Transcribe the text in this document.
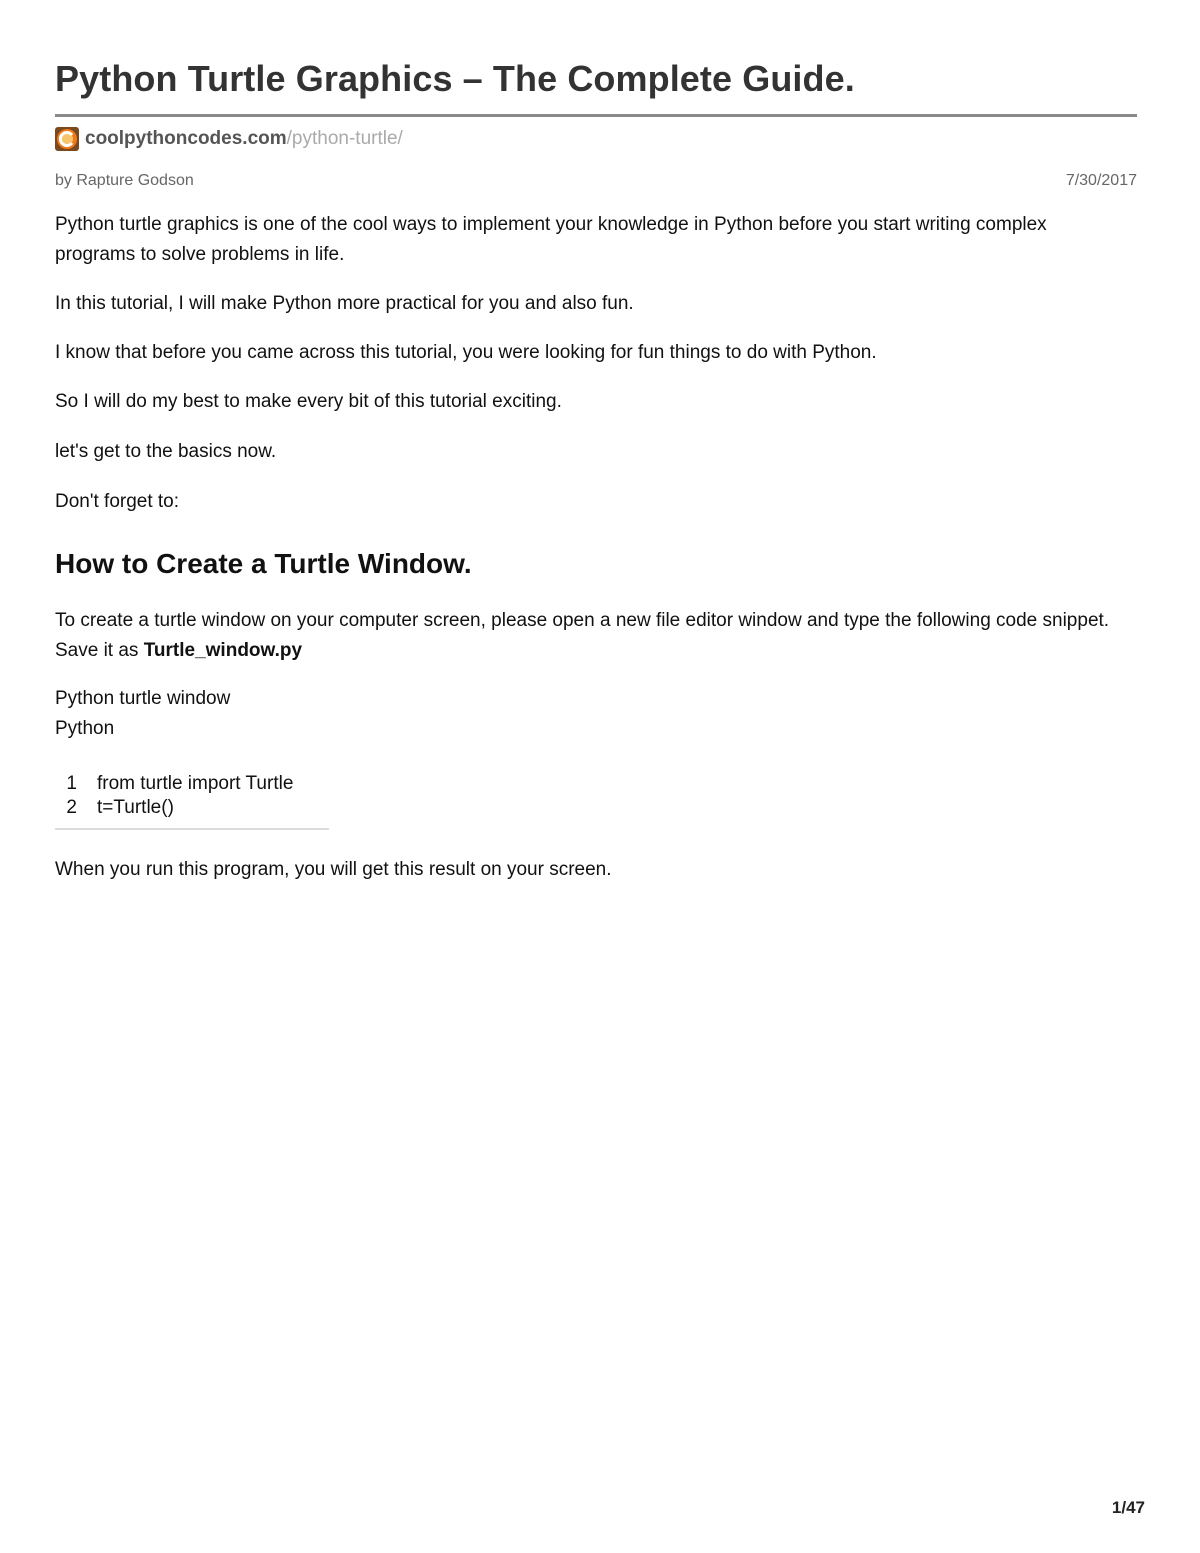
Python Turtle Graphics – The Complete Guide.
coolpythoncodes.com /python-turtle/
by Rapture Godson	7/30/2017

Python turtle graphics is one of the cool ways to implement your knowledge in Python before you start writing complex programs to solve problems in life.

In this tutorial, I will make Python more practical for you and also fun.

I know that before you came across this tutorial, you were looking for fun things to do with Python.

So I will do my best to make every bit of this tutorial exciting.

let's get to the basics now.

Don't forget to:

How to Create a Turtle Window.

To create a turtle window on your computer screen, please open a new file editor window and type the following code snippet. Save it as Turtle_window.py

Python turtle window
Python

1 from turtle import Turtle
2 t=Turtle()

When you run this program, you will get this result on your screen.

1/47
